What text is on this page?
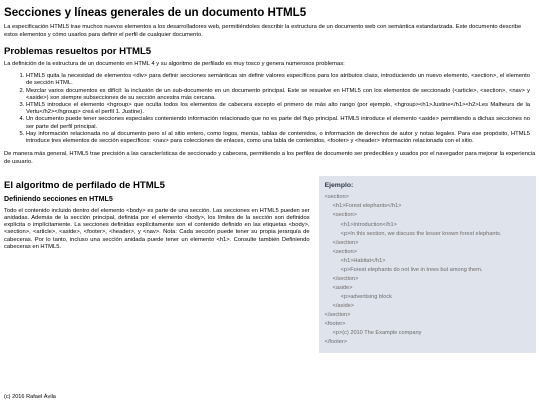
Secciones y líneas generales de un documento HTML5

La especificación HTML5 trae muchos nuevos elementos a los desarrolladores web, permitiéndoles describir la estructura de un documento web con semántica estandarizada. Este documento describe estos elementos y cómo usarlos para definir el perfil de cualquier documento.

Problemas resueltos por HTML5

La definición de la estructura de un documento en HTML 4 y su algoritmo de perfilado es muy tosco y genera numerosos problemas:

1. HTML5 quita la necesidad de elementos <div> para definir secciones semánticas sin definir valores específicos para los atributos class, introduciendo un nuevo elemento, <section>, el elemento de sección HTML.
2. Mezclar varios documentos es difícil: la inclusión de un sub-documento en un documento principal. Este se resuelve en HTML5 con los elementos de seccionado (<article>, <section>, <nav> y <aside>) son siempre subsecciones de su sección ancestra más cercana.
3. HTML5 introduce el elemento <hgroup> que oculta todos los elementos de cabecera excepto el primero de más alto rango (por ejemplo, <hgroup><h1>Justine</h1><h2>Les Malheurs de la Vertu</h2></hgroup> creá el perfil 1. Justine).
4. Un documento puede tener secciones especiales conteniendo información relacionado que no es parte del flujo principal. HTML5 introduce el elemento <aside> permitiendo a dichas secciones no ser parte del perfil principal.
5. Hay información relacionada no al documento pero sí al sitio entero, como logos, menús, tablas de contenidos, o información de derechos de autor y notas legales. Para ese propósito, HTML5 introduce tres elementos de sección específicos: <nav> para colecciones de enlaces, como una tabla de contenidos, <footer> y <header> información relacionada con el sitio.

De manera más general, HTML5 trae precisión a las características de seccionado y cabecera, permitiendo a los perfiles de documento ser predecibles y usados por el navegador para mejorar la experiencia de usuario.

El algoritmo de perfilado de HTML5
Definiendo secciones en HTML5

Todo el contenido incluido dentro del elemento <body> es parte de una sección. Las secciones en HTML5 pueden ser anidadas. Además de la sección principal, definida por el elemento <body>, los límites de la sección son definidos explícita o implícitamente. La secciones definidas explícitamente son el contenido definido en las etiquetas <body>, <section>, <article>, <aside>, <footer>, <header>, y <nav>. Nota: Cada sección puede tener su propia jerarquía de cabeceras. Por lo tanto, incluso una sección anidada puede tener un elemento <h1>. Consulte también Definiendo cabeceras en HTML5.

Ejemplo:
<section>
<h1>Forest elephants</h1>
<section>
<h1>Introduction</h1>
<p>In this section, we discuss the lesser known forest elephants.
</section>
<section>
<h1>Habitat</h1>
<p>Forest elephants do not live in trees but among them.
</section>
<aside>
<p>advertising block
</aside>
</section>
<footer>
<p>(c) 2010 The Example company
</footer>
(c) 2016 Rafael Ávila
